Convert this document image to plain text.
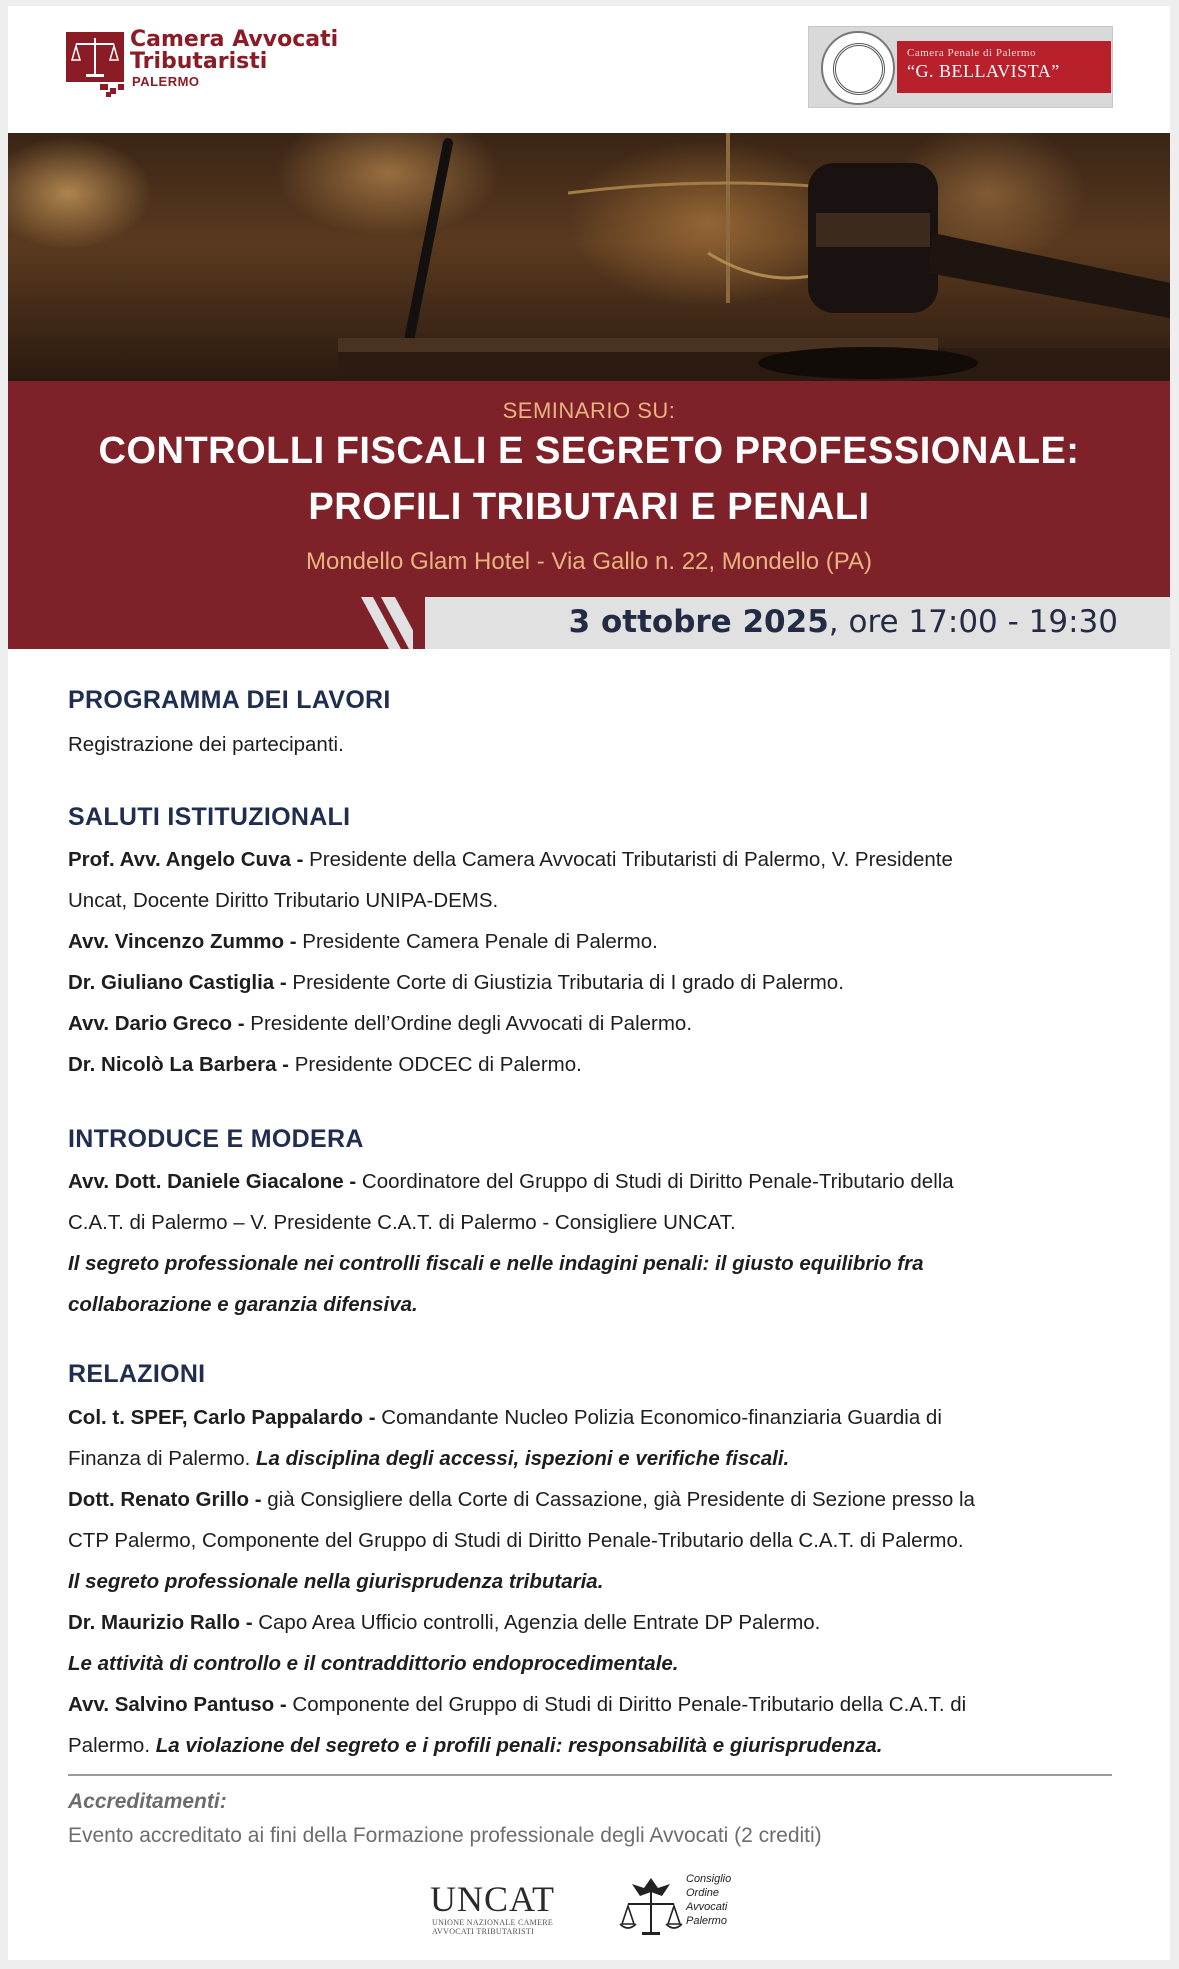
Camera Avvocati
Tributaristi
PALERMO
Camera Penale di Palermo
“G. BELLAVISTA”
SEMINARIO SU:
CONTROLLI FISCALI E SEGRETO PROFESSIONALE:
PROFILI TRIBUTARI E PENALI
Mondello Glam Hotel - Via Gallo n. 22, Mondello (PA)
3 ottobre 2025, ore 17:00 - 19:30
PROGRAMMA DEI LAVORI
Registrazione dei partecipanti.
SALUTI ISTITUZIONALI
Prof. Avv. Angelo Cuva - Presidente della Camera Avvocati Tributaristi di Palermo, V. Presidente
Uncat, Docente Diritto Tributario UNIPA-DEMS.
Avv. Vincenzo Zummo - Presidente Camera Penale di Palermo.
Dr. Giuliano Castiglia - Presidente Corte di Giustizia Tributaria di I grado di Palermo.
Avv. Dario Greco - Presidente dell’Ordine degli Avvocati di Palermo.
Dr. Nicolò La Barbera - Presidente ODCEC di Palermo.
INTRODUCE E MODERA
Avv. Dott. Daniele Giacalone - Coordinatore del Gruppo di Studi di Diritto Penale-Tributario della
C.A.T. di Palermo – V. Presidente C.A.T. di Palermo - Consigliere UNCAT.
Il segreto professionale nei controlli fiscali e nelle indagini penali: il giusto equilibrio fra
collaborazione e garanzia difensiva.
RELAZIONI
Col. t. SPEF, Carlo Pappalardo - Comandante Nucleo Polizia Economico-finanziaria Guardia di
Finanza di Palermo. La disciplina degli accessi, ispezioni e verifiche fiscali.
Dott. Renato Grillo - già Consigliere della Corte di Cassazione, già Presidente di Sezione presso la
CTP Palermo, Componente del Gruppo di Studi di Diritto Penale-Tributario della C.A.T. di Palermo.
Il segreto professionale nella giurisprudenza tributaria.
Dr. Maurizio Rallo - Capo Area Ufficio controlli, Agenzia delle Entrate DP Palermo.
Le attività di controllo e il contraddittorio endoprocedimentale.
Avv. Salvino Pantuso - Componente del Gruppo di Studi di Diritto Penale-Tributario della C.A.T. di
Palermo. La violazione del segreto e i profili penali: responsabilità e giurisprudenza.
Accreditamenti:
Evento accreditato ai fini della Formazione professionale degli Avvocati (2 crediti)
UNCAT
UNIONE NAZIONALE CAMERE
AVVOCATI TRIBUTARISTI
Consiglio
Ordine
Avvocati
Palermo
